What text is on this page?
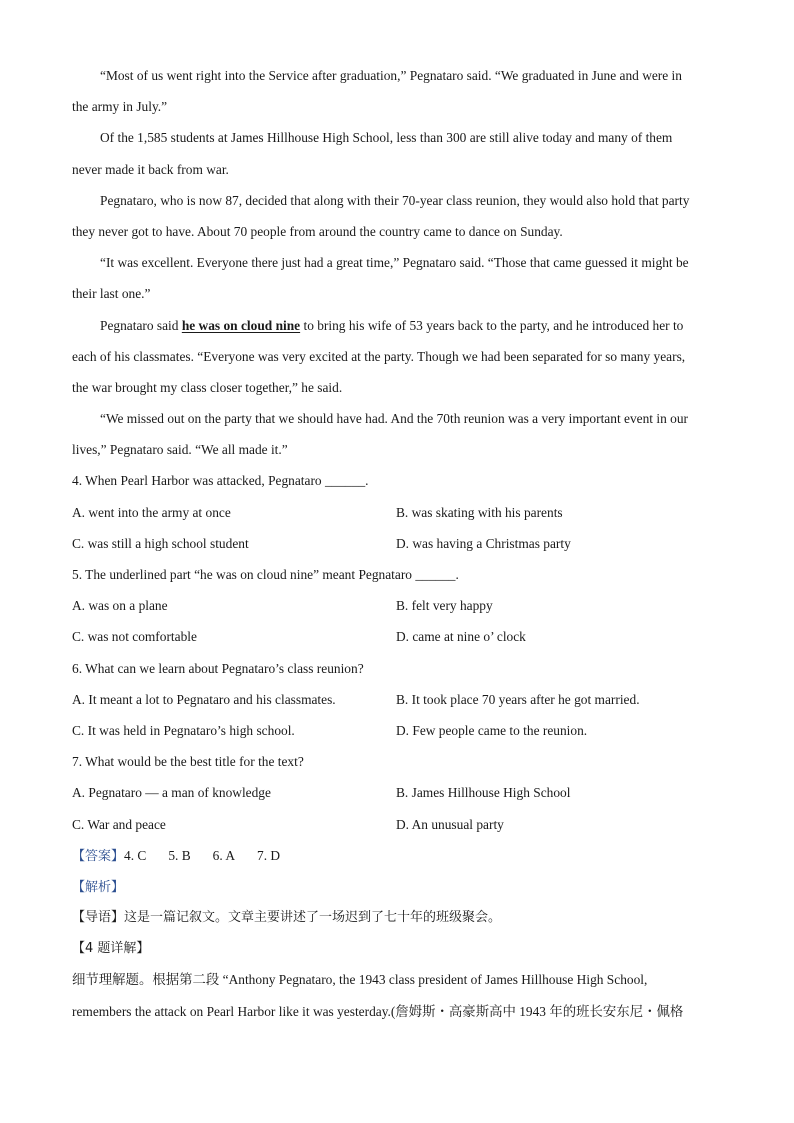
“Most of us went right into the Service after graduation,” Pegnataro said. “We graduated in June and were in
the army in July.”
Of the 1,585 students at James Hillhouse High School, less than 300 are still alive today and many of them
never made it back from war.
Pegnataro, who is now 87, decided that along with their 70-year class reunion, they would also hold that party
they never got to have. About 70 people from around the country came to dance on Sunday.
“It was excellent. Everyone there just had a great time,” Pegnataro said. “Those that came guessed it might be
their last one.”
Pegnataro said he was on cloud nine to bring his wife of 53 years back to the party, and he introduced her to
each of his classmates. “Everyone was very excited at the party. Though we had been separated for so many years,
the war brought my class closer together,” he said.
“We missed out on the party that we should have had. And the 70th reunion was a very important event in our
lives,” Pegnataro said. “We all made it.”
4. When Pearl Harbor was attacked, Pegnataro ______.
A. went into the army at once	B. was skating with his parents
C. was still a high school student	D. was having a Christmas party
5. The underlined part “he was on cloud nine” meant Pegnataro ______.
A. was on a plane	B. felt very happy
C. was not comfortable	D. came at nine o’ clock
6. What can we learn about Pegnataro’s class reunion?
A. It meant a lot to Pegnataro and his classmates.	B. It took place 70 years after he got married.
C. It was held in Pegnataro’s high school.	D. Few people came to the reunion.
7. What would be the best title for the text?
A. Pegnataro — a man of knowledge	B. James Hillhouse High School
C. War and peace	D. An unusual party
【答案】4. C 5. B 6. A 7. D
【解析】
【导语】这是一篇记叙文。文章主要讲述了一场迟到了七十年的班级聚会。
【4 题详解】
细节理解题。根据第二段 “Anthony Pegnataro, the 1943 class president of James Hillhouse High School,
remembers the attack on Pearl Harbor like it was yesterday.(詹姆斯・高豪斯高中 1943 年的班长安东尼・佩格
